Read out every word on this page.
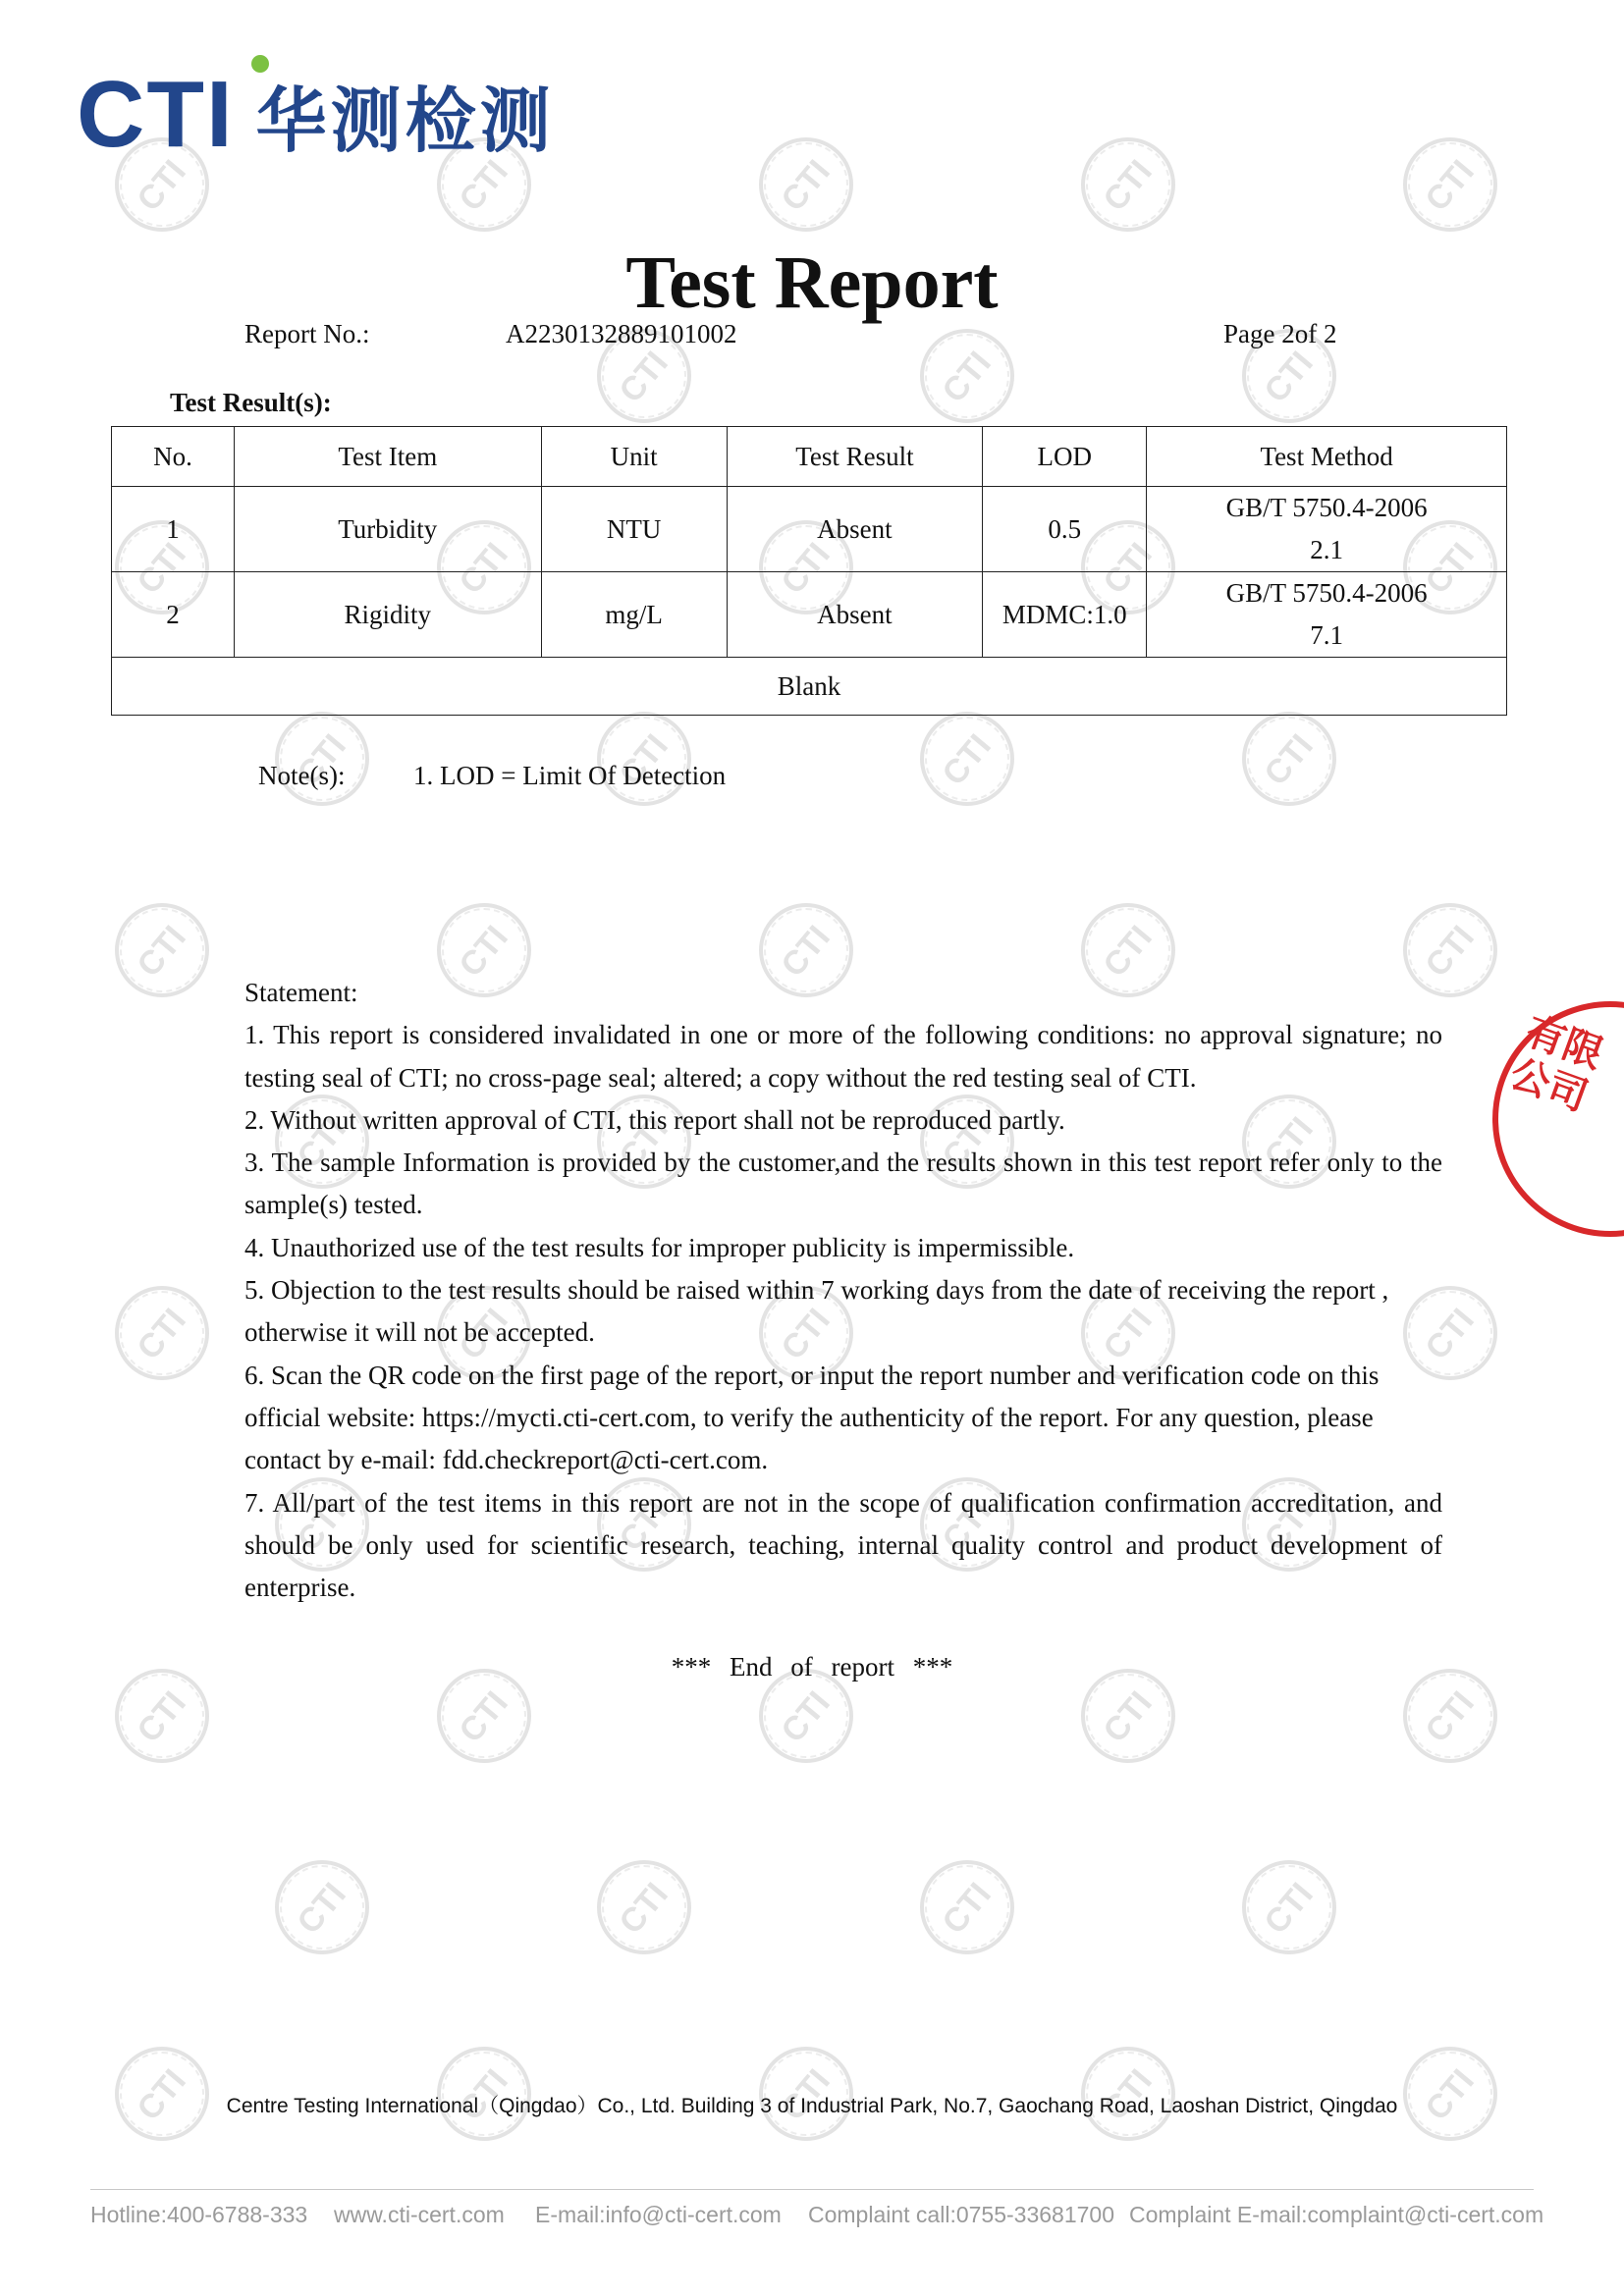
CTI
CTI
CTI
CTI
CTI
CTI
CTI
CTI
CTI
CTI
CTI
CTI
CTI
CTI
CTI
CTI
CTI
CTI
CTI
CTI
CTI
CTI
CTI
CTI
CTI
CTI
CTI
CTI
CTI
CTI
CTI
CTI
CTI
CTI
CTI
CTI
CTI
CTI
CTI
CTI
CTI
CTI
CTI
CTI
CTI
CTI
CTI
CTI
CTI
CTI 华测检测
Test Report
Report No.:	A2230132889101002	Page 2of 2
Test Result(s):
No.	Test Item	Unit	Test Result	LOD	Test Method
1	Turbidity	NTU	Absent	0.5	GB/T 5750.4-2006
2.1

2	Rigidity	mg/L	Absent	MDMC:1.0	GB/T 5750.4-2006
7.1

Blank					
Note(s):	1. LOD = Limit Of Detection

Statement:

1. This report is considered invalidated in one or more of the following conditions: no approval signature; no testing seal of CTI; no cross-page seal; altered; a copy without the red testing seal of CTI.

2. Without written approval of CTI, this report shall not be reproduced partly.

3. The sample Information is provided by the customer,and the results shown in this test report refer only to the sample(s) tested.

4. Unauthorized use of the test results for improper publicity is impermissible.

5. Objection to the test results should be raised within 7 working days from the date of receiving the report , otherwise it will not be accepted.

6. Scan the QR code on the first page of the report, or input the report number and verification code on this official website: https://mycti.cti-cert.com, to verify the authenticity of the report. For any question, please contact by e-mail: fdd.checkreport@cti-cert.com.

7. All/part of the test items in this report are not in the scope of qualification confirmation accreditation, and should be only used for scientific research, teaching, internal quality control and product development of enterprise.

*** End of report ***
有限公司
Centre Testing International（Qingdao）Co., Ltd. Building 3 of Industrial Park, No.7, Gaochang Road, Laoshan District, Qingdao
Hotline:400-6788-333 www.cti-cert.com E-mail:info@cti-cert.com Complaint call:0755-33681700 Complaint E-mail:complaint@cti-cert.com
